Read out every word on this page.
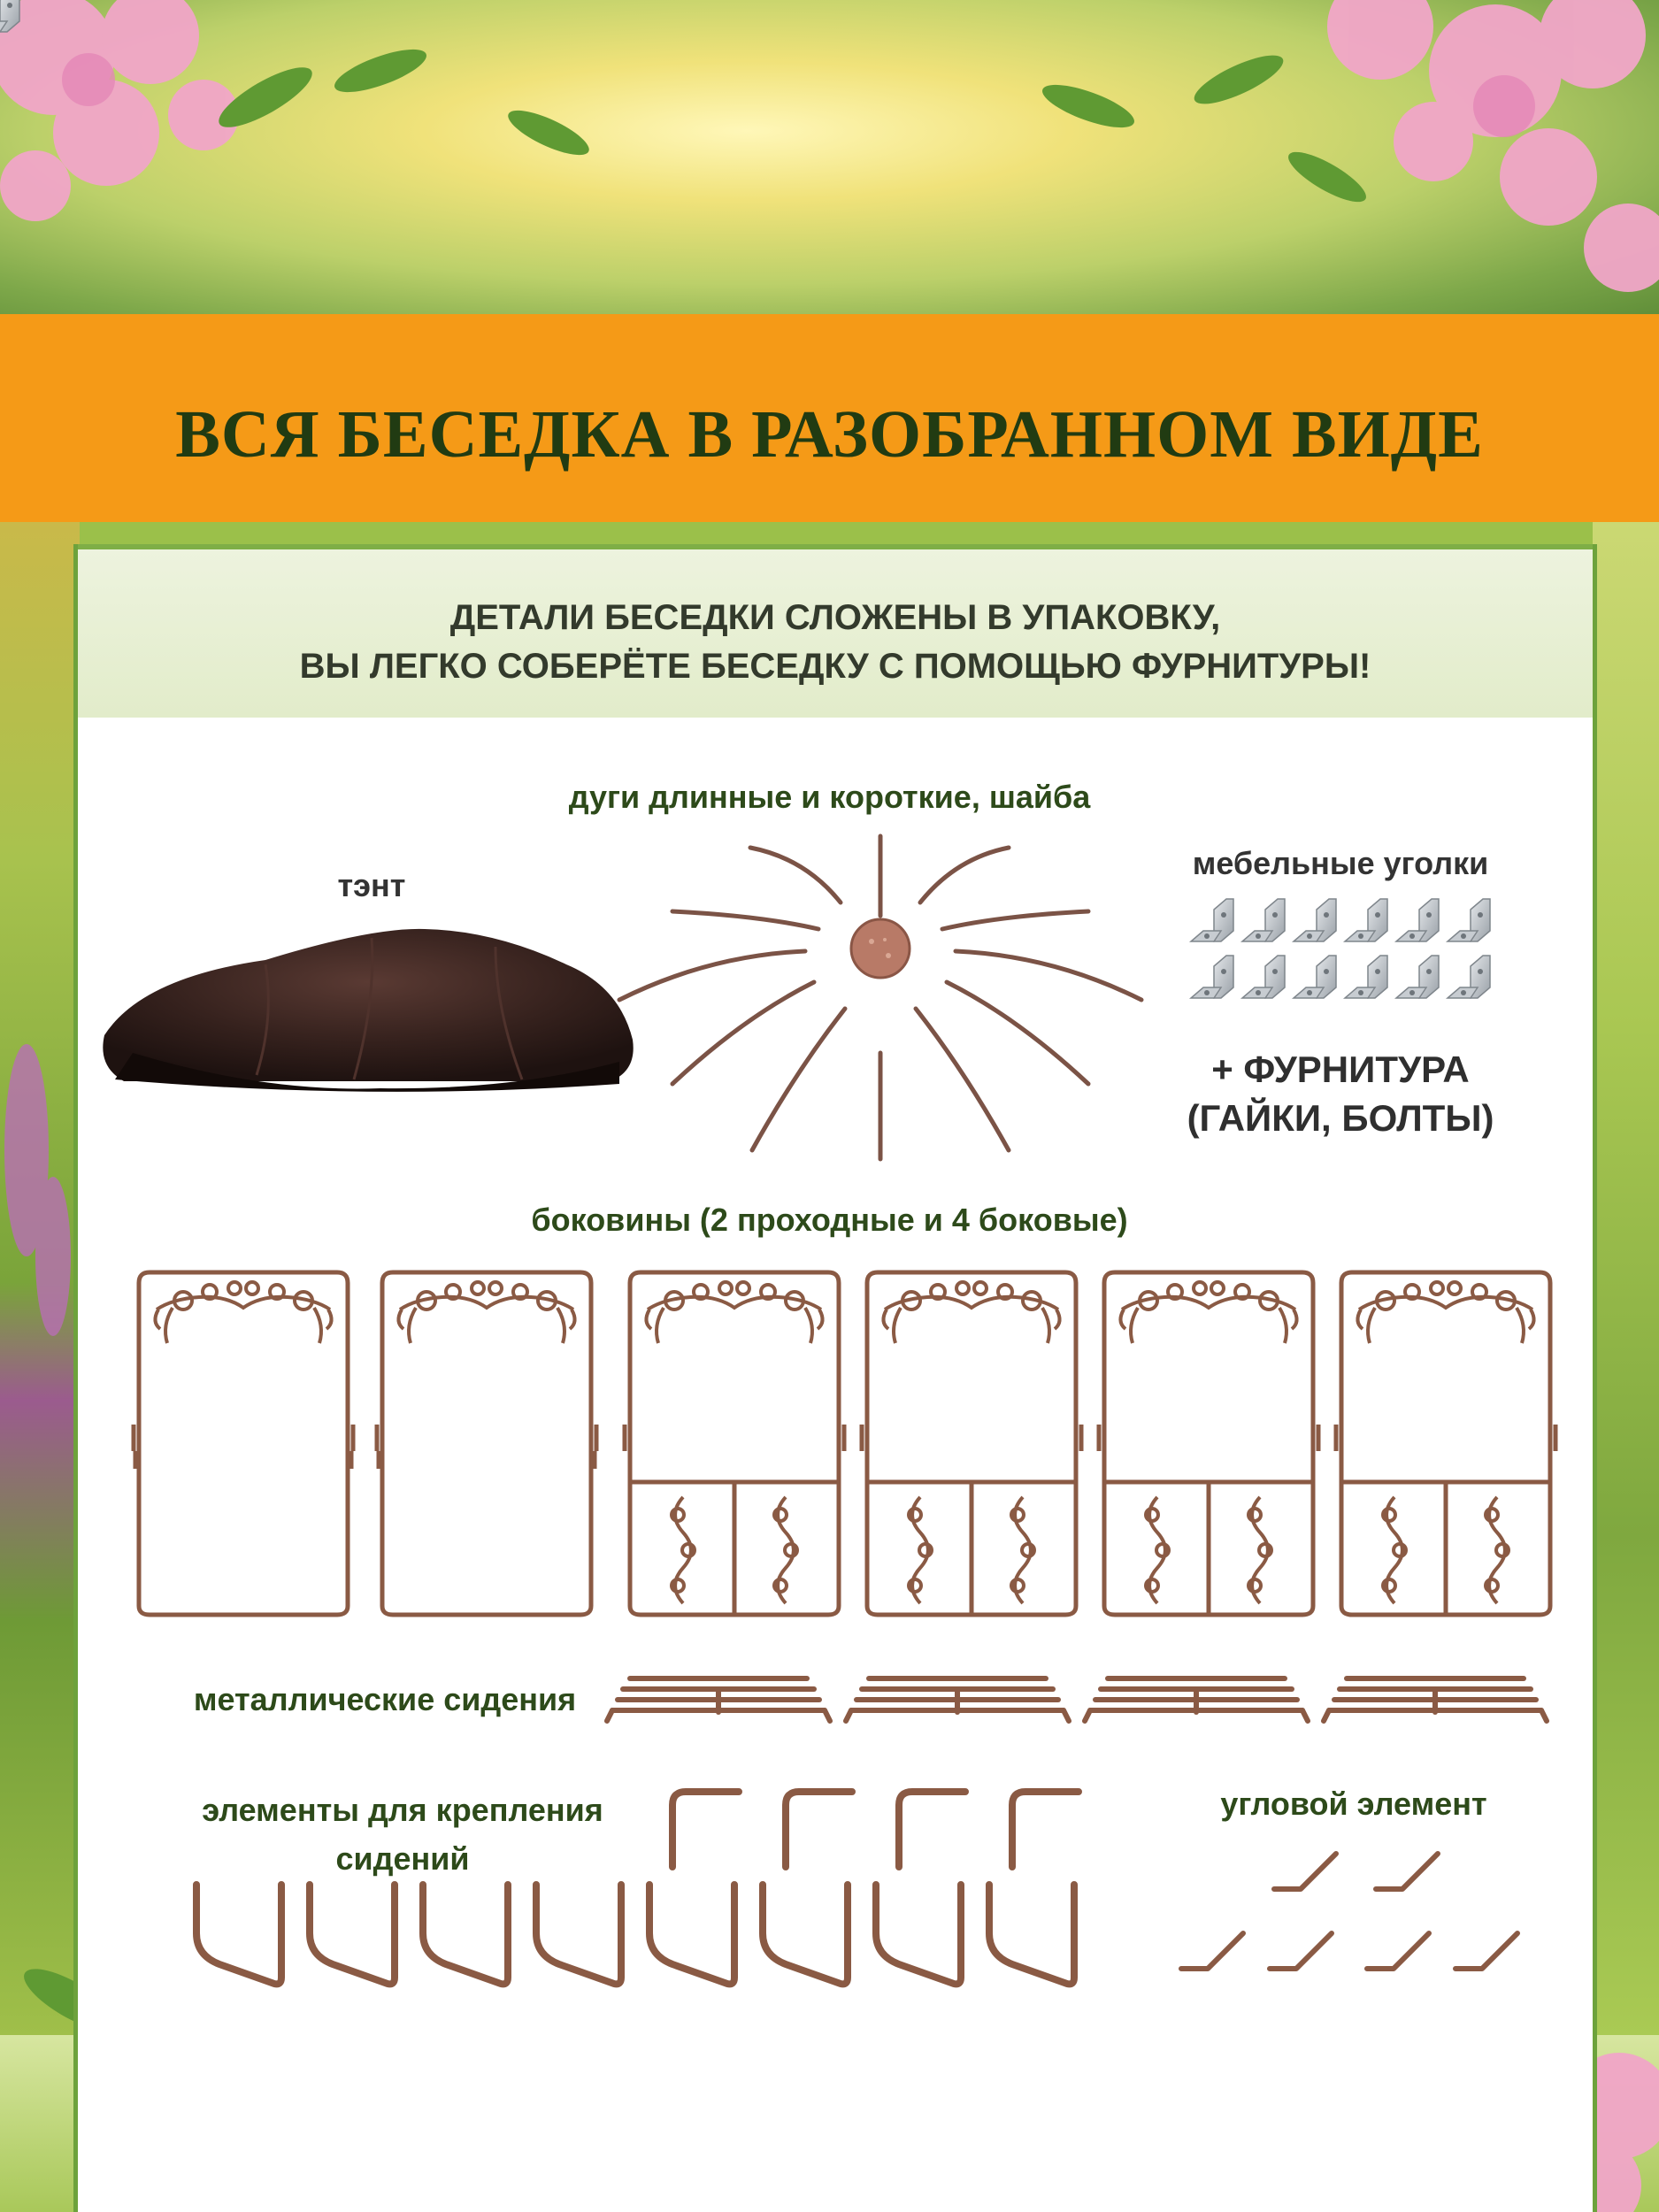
ВСЯ БЕСЕДКА В РАЗОБРАННОМ ВИДЕ
ДЕТАЛИ БЕСЕДКИ СЛОЖЕНЫ В УПАКОВКУ,
ВЫ ЛЕГКО СОБЕРЁТЕ БЕСЕДКУ С ПОМОЩЬЮ ФУРНИТУРЫ!
дуги длинные и короткие, шайба
тэнт
мебельные уголки
+ ФУРНИТУРА
(ГАЙКИ, БОЛТЫ)
боковины (2 проходные и 4 боковые)
металлические сидения
элементы для крепления
сидений
угловой элемент
